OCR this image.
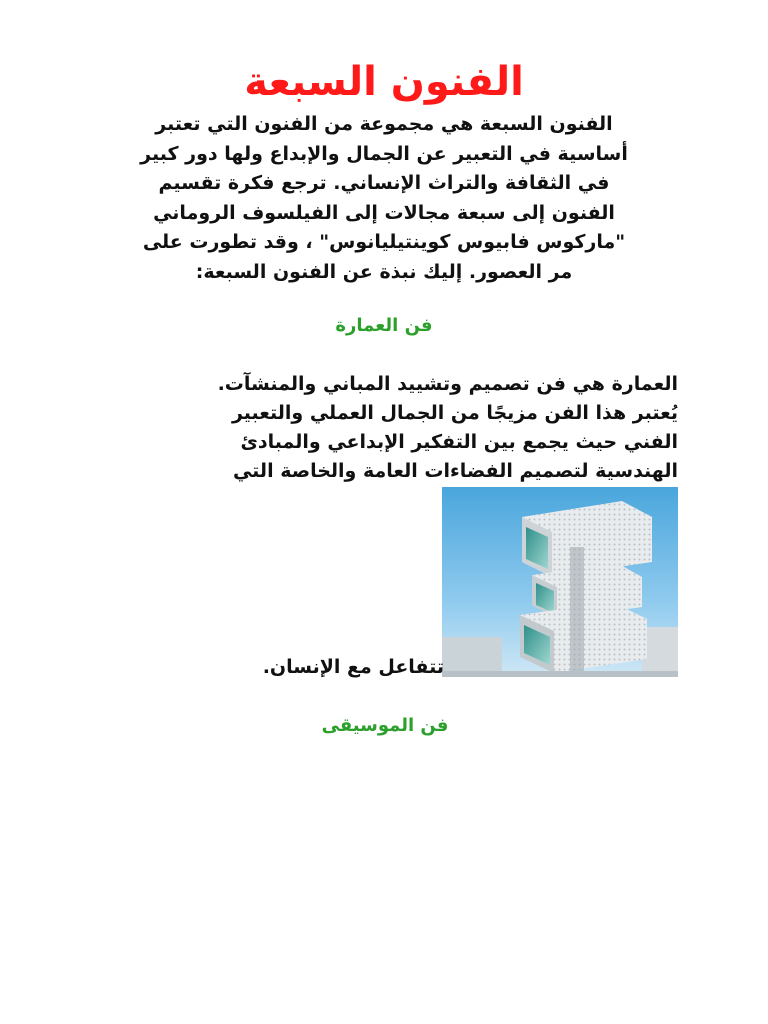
الفنون السبعة

الفنون السبعة هي مجموعة من الفنون التي تعتبر
أساسية في التعبير عن الجمال والإبداع ولها دور كبير
في الثقافة والتراث الإنساني. ترجع فكرة تقسيم
الفنون إلى سبعة مجالات إلى الفيلسوف الروماني
"ماركوس فابيوس كوينتيليانوس" ، وقد تطورت على
مر العصور. إليك نبذة عن الفنون السبعة:

فن العمارة

العمارة هي فن تصميم وتشييد المباني والمنشآت.
يُعتبر هذا الفن مزيجًا من الجمال العملي والتعبير
الفني حيث يجمع بين التفكير الإبداعي والمبادئ
الهندسية لتصميم الفضاءات العامة والخاصة التي

تتفاعل مع الإنسان.

فن الموسيقى
